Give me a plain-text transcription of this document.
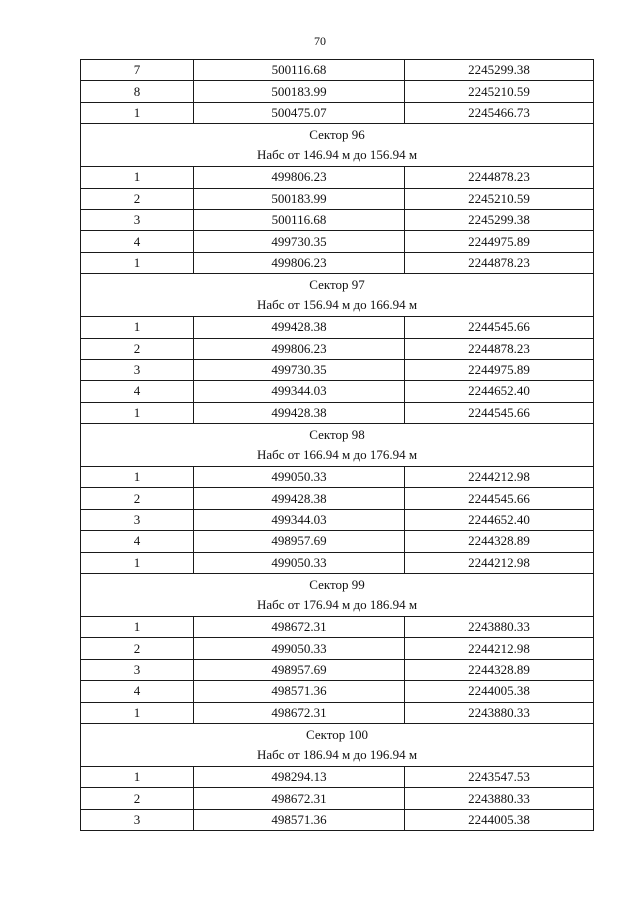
70
7	500116.68	2245299.38
8	500183.99	2245210.59
1	500475.07	2245466.73

Сектор 96
Набс от 146.94 м до 156.94 м		

1	499806.23	2244878.23
2	500183.99	2245210.59
3	500116.68	2245299.38
4	499730.35	2244975.89
1	499806.23	2244878.23

Сектор 97
Набс от 156.94 м до 166.94 м		

1	499428.38	2244545.66
2	499806.23	2244878.23
3	499730.35	2244975.89
4	499344.03	2244652.40
1	499428.38	2244545.66

Сектор 98
Набс от 166.94 м до 176.94 м		

1	499050.33	2244212.98
2	499428.38	2244545.66
3	499344.03	2244652.40
4	498957.69	2244328.89
1	499050.33	2244212.98

Сектор 99
Набс от 176.94 м до 186.94 м		

1	498672.31	2243880.33
2	499050.33	2244212.98
3	498957.69	2244328.89
4	498571.36	2244005.38
1	498672.31	2243880.33

Сектор 100
Набс от 186.94 м до 196.94 м		

1	498294.13	2243547.53
2	498672.31	2243880.33
3	498571.36	2244005.38
